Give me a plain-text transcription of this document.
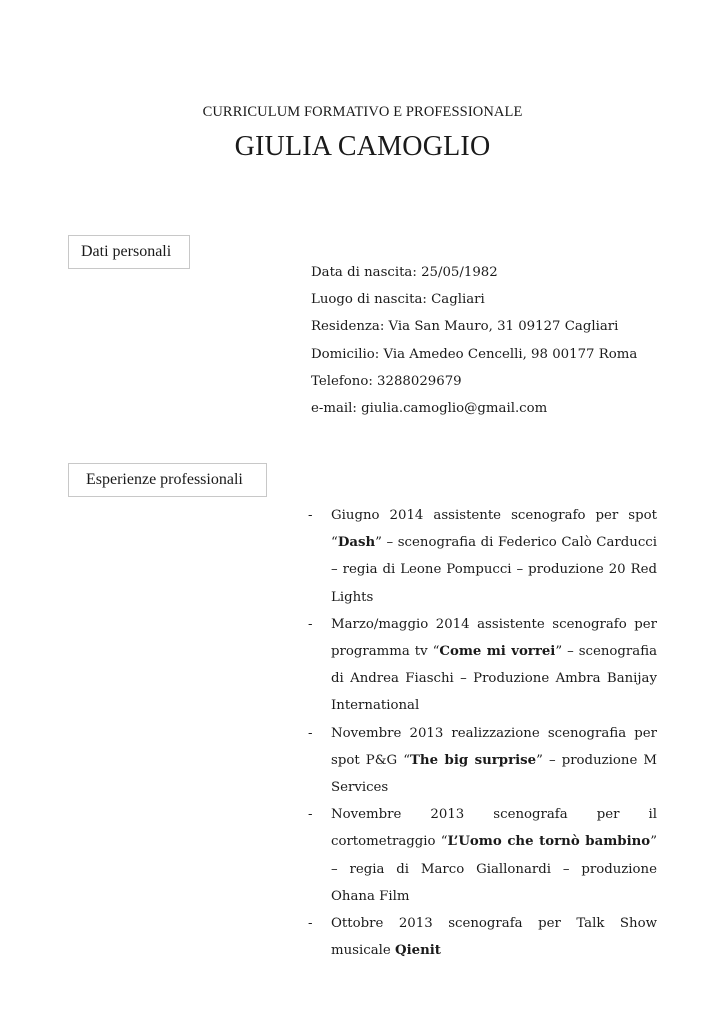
CURRICULUM FORMATIVO E PROFESSIONALE
GIULIA CAMOGLIO
Dati personali
Data di nascita: 25/05/1982
Luogo di nascita: Cagliari
Residenza: Via San Mauro, 31 09127 Cagliari
Domicilio: Via Amedeo Cencelli, 98 00177 Roma
Telefono: 3288029679
e-mail: giulia.camoglio@gmail.com
Esperienze professionali
- Giugno 2014 assistente scenografo per spot “Dash” – scenografia di Federico Calò Carducci – regia di Leone Pompucci – produzione 20 Red Lights
- Marzo/maggio 2014 assistente scenografo per programma tv “Come mi vorrei” – scenografia di Andrea Fiaschi – Produzione Ambra Banijay International
- Novembre 2013 realizzazione scenografia per spot P&G “The big surprise” – produzione M Services
- Novembre 2013 scenografa per il cortometraggio “L’Uomo che tornò bambino” – regia di Marco Giallonardi – produzione Ohana Film
- Ottobre 2013 scenografa per Talk Show musicale Qienit
